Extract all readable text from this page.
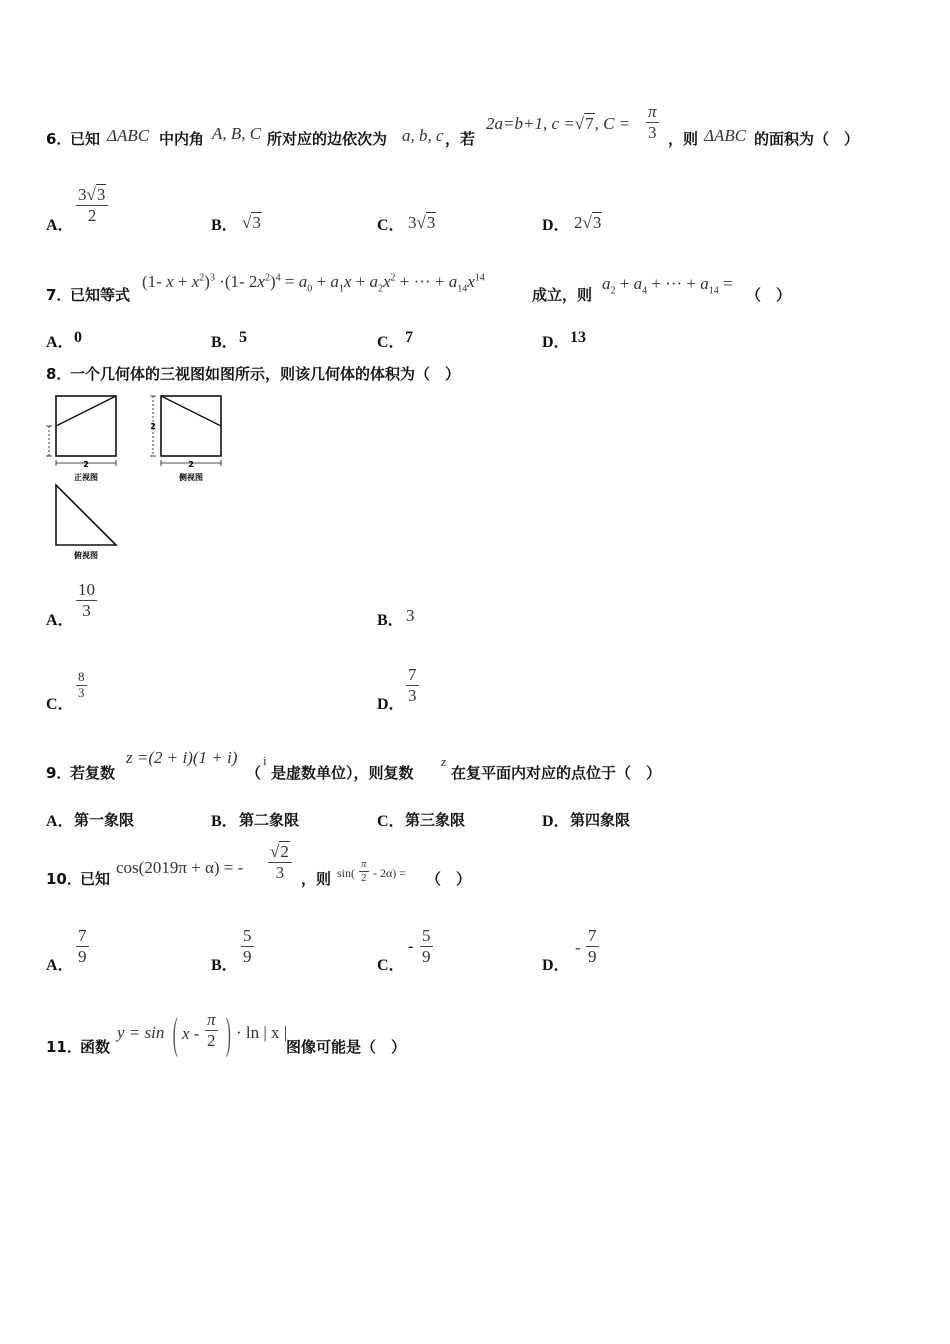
6．
已知 ΔABC 中内角 A, B, C 所对应的边依次为 a, b, c ，若
2a=b+1, c =√7, $C = \frac{\pi}{3}$ ，则 ΔABC 的面积为（　）
A．
$\frac{3√3}{2}$
B． √3	C． 3√3	D． 2√3
7．
已知等式
(1- $x + x^2)^3 \cdot(1-$ $2x^2)^4 = a_0 + a_1x + a_2x^2$ + ··· + $a_{14}x^{14}$
成立，则
$a_2 + a_4$ + ··· + $a_{14}$ =
（　）
A． 0	B． 5	C． 7	D． 13
8．
一个几何体的三视图如图所示，则该几何体的体积为（　）
2
正视图
2
2
侧视图
俯视图
A．
$\frac{10}{3}$
B． 3
C．
$\frac{8}{3}$
D． $\frac{7}{3}$
9．
若复数
z =(2 + i)(1 + i)
（
i
是虚数单位），则复数
z
在复平面内对应的点位于（　）
A． 第一象限	B． 第二象限	C． 第三象限	D． 第四象限
10．
已知
cos(2019π + α) = - $\frac{√2}{3}$ ，则 $\sin( \frac{\pi}{2} - 2\alpha)$ = （　）
A． $\frac{7}{9}$	B． $\frac{5}{9}$	C．
- $\frac{5}{9}$	D．
- $\frac{7}{9}$
11．
函数
y = sin ( x - $\frac{\pi}{2}$ ) · ln | x |
图像可能是（　）
